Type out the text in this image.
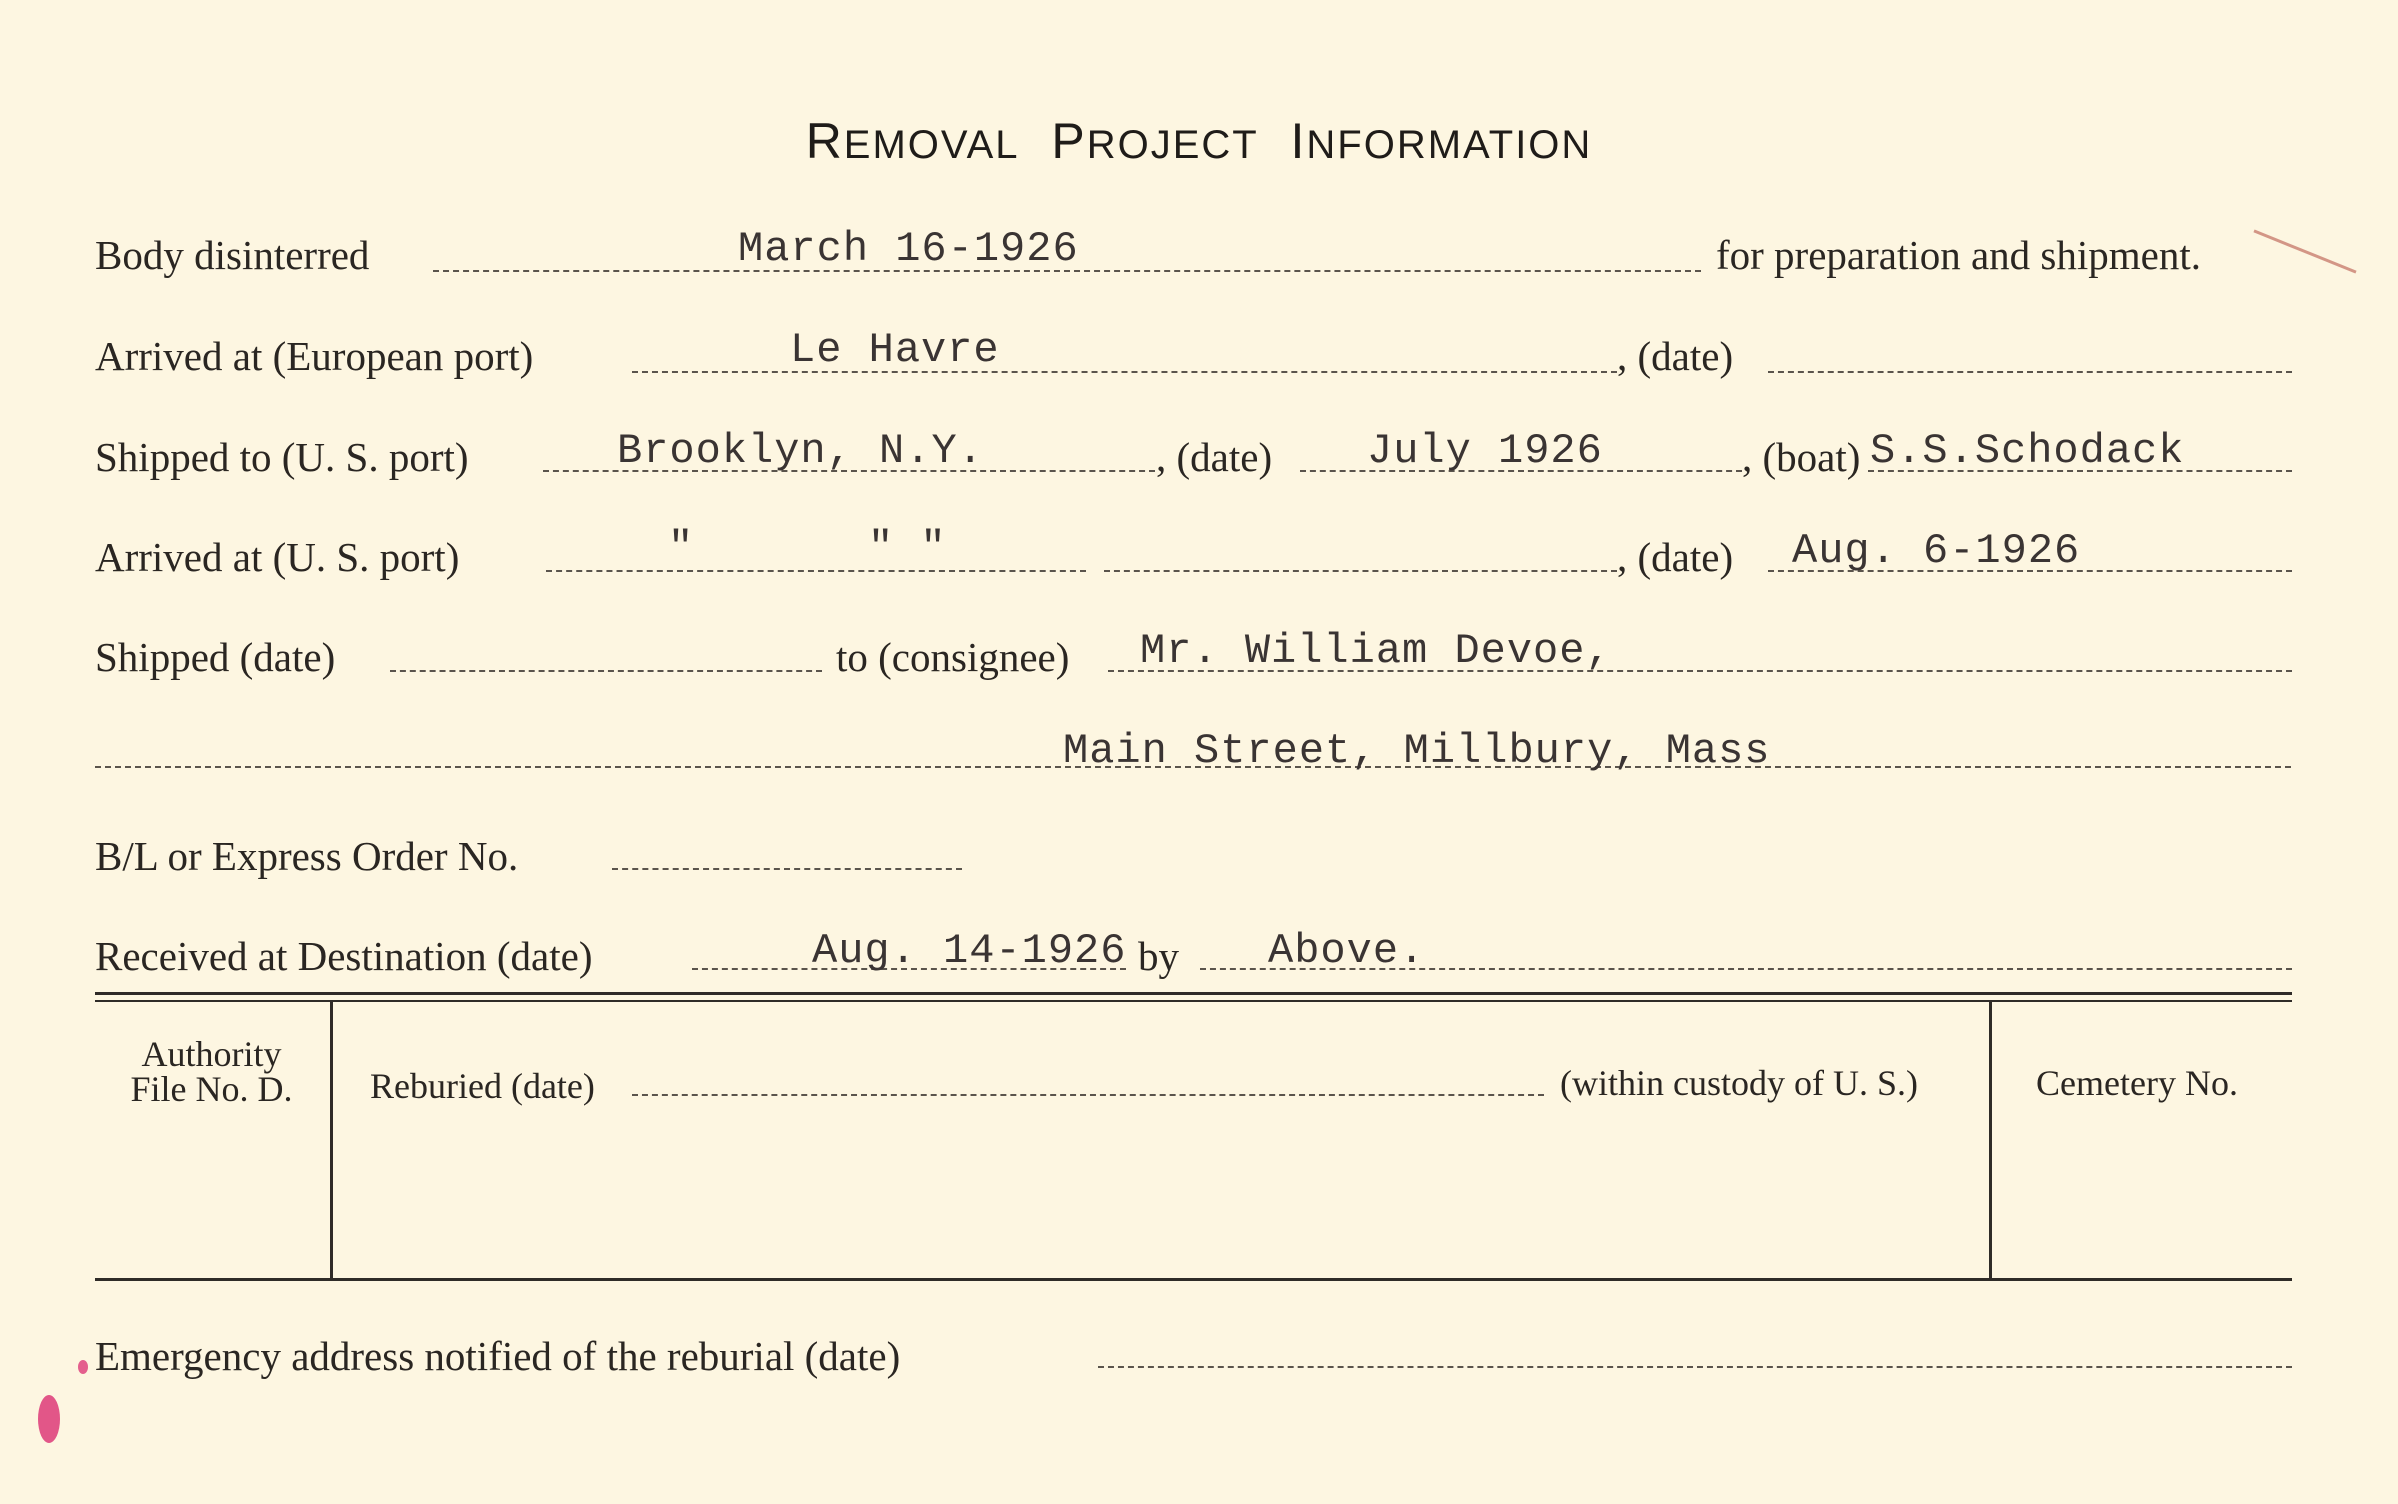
REMOVAL PROJECT INFORMATION
Body disinterred	March 16-1926	for preparation and shipment.
Arrived at (European port)	Le Havre	, (date)
Shipped to (U. S. port)	Brooklyn, N.Y.	, (date) July 1926	, (boat) S.S.Schodack
Arrived at (U. S. port)	"	" "	, (date) Aug. 6-1926
Shipped (date)	to (consignee) Mr. William Devoe,
Main Street, Millbury, Mass
B/L or Express Order No.
Received at Destination (date)	Aug. 14-1926 by Above.
Authority
File No. D.	Reburied (date)	(within custody of U. S.)	Cemetery No.
Emergency address notified of the reburial (date)
